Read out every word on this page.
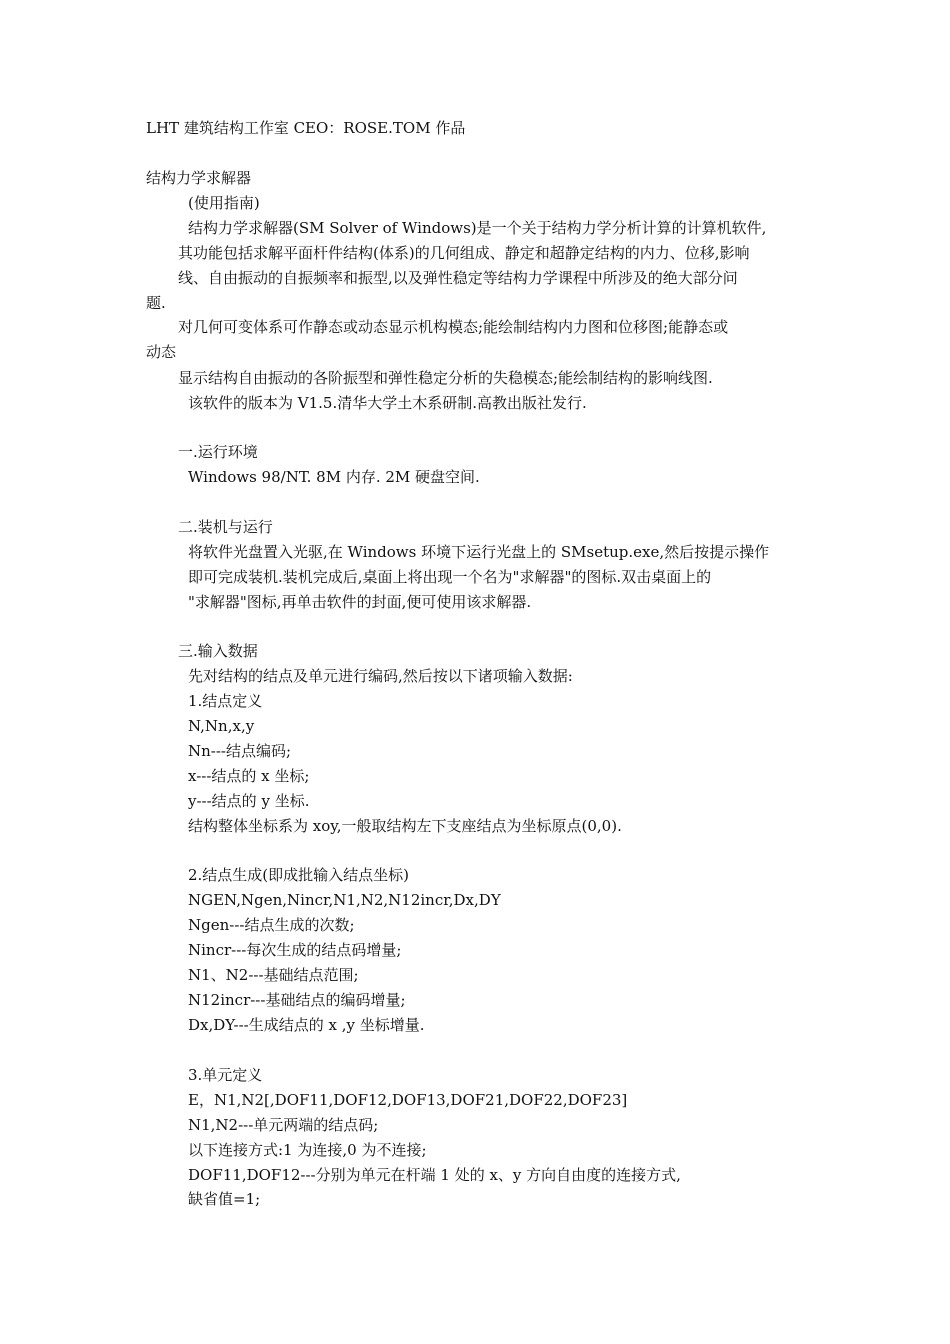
LHT 建筑结构工作室 CEO：ROSE.TOM 作品
结构力学求解器
(使用指南)
结构力学求解器(SM Solver of Windows)是一个关于结构力学分析计算的计算机软件,
其功能包括求解平面杆件结构(体系)的几何组成、静定和超静定结构的内力、位移,影响
线、自由振动的自振频率和振型,以及弹性稳定等结构力学课程中所涉及的绝大部分问
题.
对几何可变体系可作静态或动态显示机构模态;能绘制结构内力图和位移图;能静态或
动态
显示结构自由振动的各阶振型和弹性稳定分析的失稳模态;能绘制结构的影响线图.
该软件的版本为 V1.5.清华大学土木系研制.高教出版社发行.
一.运行环境
Windows 98/NT. 8M 内存. 2M 硬盘空间.
二.装机与运行
将软件光盘置入光驱,在 Windows 环境下运行光盘上的 SMsetup.exe,然后按提示操作
即可完成装机.装机完成后,桌面上将出现一个名为"求解器"的图标.双击桌面上的
"求解器"图标,再单击软件的封面,便可使用该求解器.
三.输入数据
先对结构的结点及单元进行编码,然后按以下诸项输入数据:
1.结点定义
N,Nn,x,y
Nn---结点编码;
x---结点的 x 坐标;
y---结点的 y 坐标.
结构整体坐标系为 xoy,一般取结构左下支座结点为坐标原点(0,0).
2.结点生成(即成批输入结点坐标)
NGEN,Ngen,Nincr,N1,N2,N12incr,Dx,DY
Ngen---结点生成的次数;
Nincr---每次生成的结点码增量;
N1、N2---基础结点范围;
N12incr---基础结点的编码增量;
Dx,DY---生成结点的 x ,y 坐标增量.
3.单元定义
E，N1,N2[,DOF11,DOF12,DOF13,DOF21,DOF22,DOF23]
N1,N2---单元两端的结点码;
以下连接方式:1 为连接,0 为不连接;
DOF11,DOF12---分别为单元在杆端 1 处的 x、y 方向自由度的连接方式,
缺省值=1;
